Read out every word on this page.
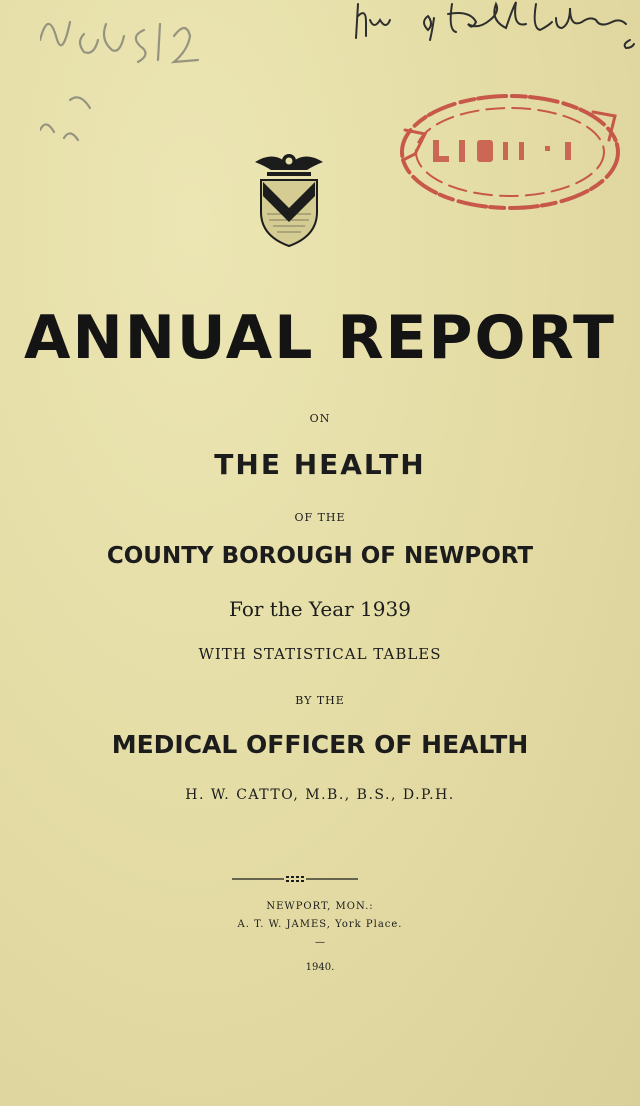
ANNUAL REPORT
ON
THE HEALTH
OF THE
COUNTY BOROUGH OF NEWPORT
For the Year 1939
WITH STATISTICAL TABLES
BY THE
MEDICAL OFFICER OF HEALTH
H. W. CATTO, M.B., B.S., D.P.H.
NEWPORT, MON.:
A. T. W. JAMES, York Place.
—
1940.
